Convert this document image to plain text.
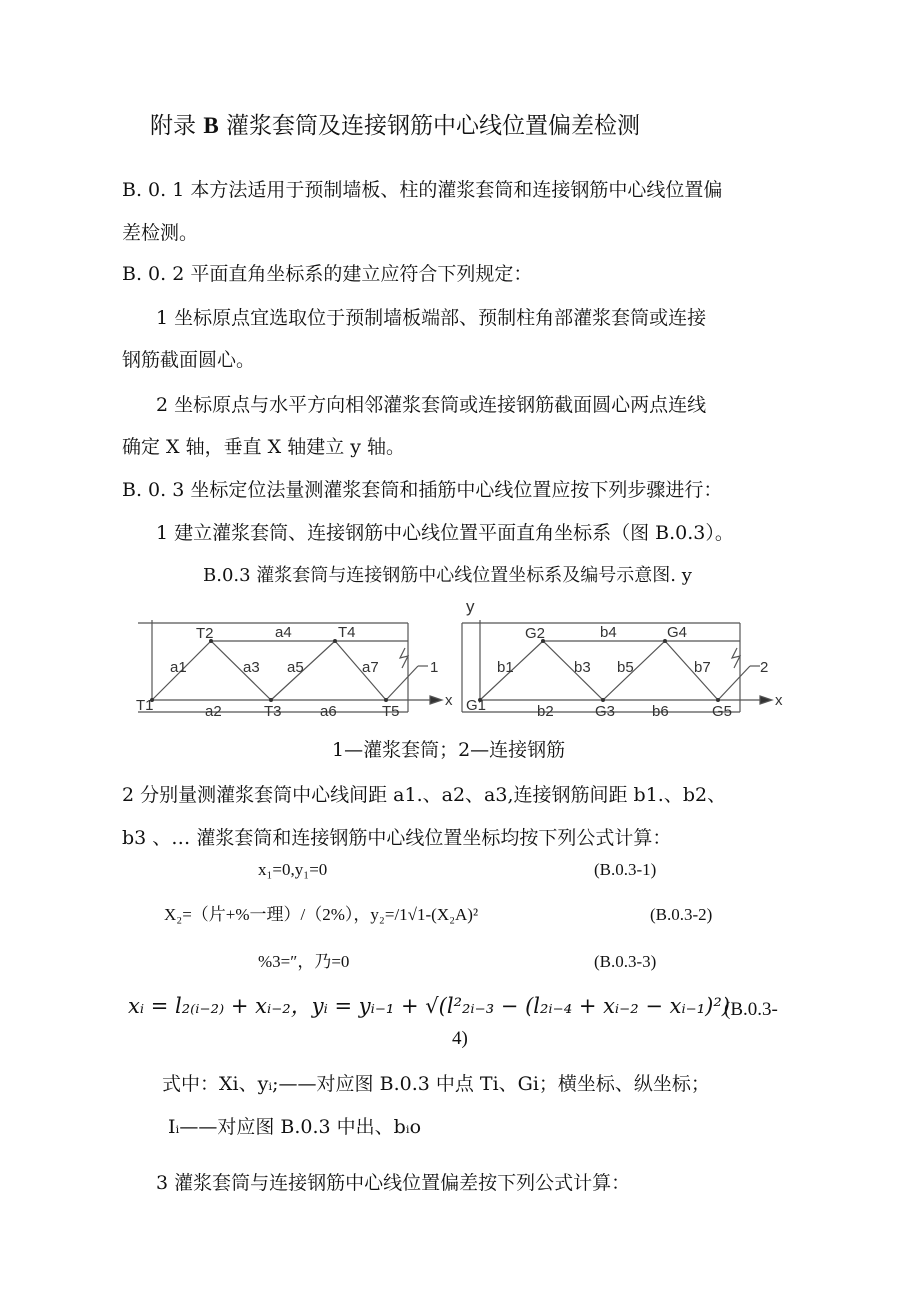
附录 B 灌浆套筒及连接钢筋中心线位置偏差检测
B. 0. 1 本方法适用于预制墙板、柱的灌浆套筒和连接钢筋中心线位置偏
差检测。
B. 0. 2 平面直角坐标系的建立应符合下列规定：
1 坐标原点宜选取位于预制墙板端部、预制柱角部灌浆套筒或连接
钢筋截面圆心。
2 坐标原点与水平方向相邻灌浆套筒或连接钢筋截面圆心两点连线
确定 X 轴，垂直 X 轴建立 y 轴。
B. 0. 3 坐标定位法量测灌浆套筒和插筋中心线位置应按下列步骤进行：
1 建立灌浆套筒、连接钢筋中心线位置平面直角坐标系（图 B.0.3）。
B.0.3 灌浆套筒与连接钢筋中心线位置坐标系及编号示意图. y
y
T1
T2
T3
T4
T5
a1
a2
a3
a4
a5
a6
a7	1
x G1
G2
G3
G4
G5
b1
b2
b3
b4
b5
b6
b7	2
x
1—灌浆套筒；2—连接钢筋
2 分别量测灌浆套筒中心线间距 a1.、a2、a3,连接钢筋间距 b1.、b2、
b3 、… 灌浆套筒和连接钢筋中心线位置坐标均按下列公式计算：
x₁=0,y₁=0	(B.0.3-1)
X₂=（片+%一理）/（2%），y₂=/1√1-(X₂A)²	(B.0.3-2)
%3=″，乃=0	(B.0.3-3)
xᵢ = l₂₍ᵢ₋₂₎ + xᵢ₋₂，yᵢ = yᵢ₋₁ + √(l²₂ᵢ₋₃ − (l₂ᵢ₋₄ + xᵢ₋₂ − xᵢ₋₁)²)
(B.0.3-
4)
式中：Xi、yᵢ;——对应图 B.0.3 中点 Ti、Gi；横坐标、纵坐标；
Iᵢ——对应图 B.0.3 中出、bᵢo
3 灌浆套筒与连接钢筋中心线位置偏差按下列公式计算：
